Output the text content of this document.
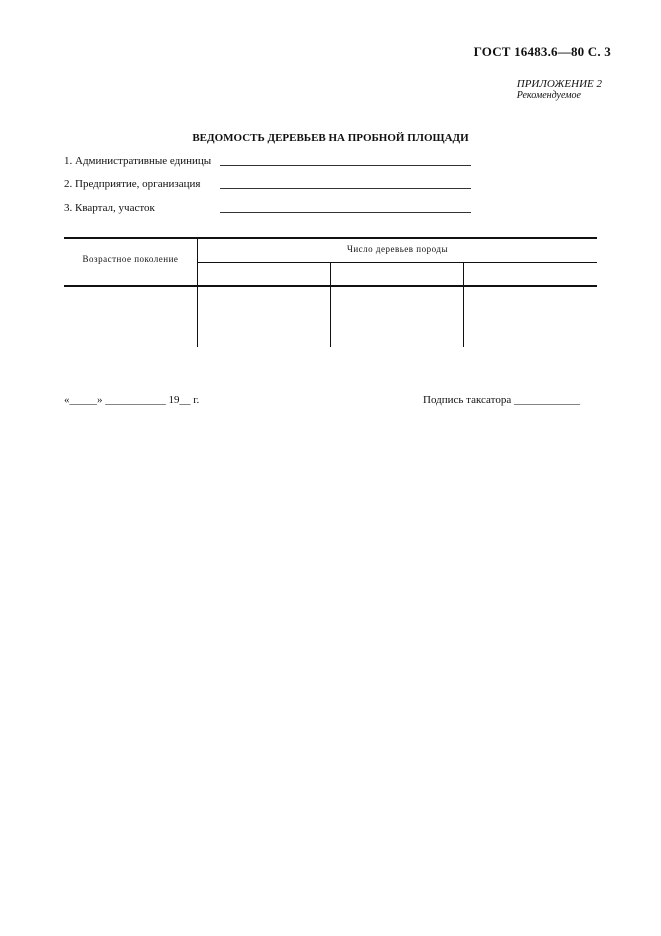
ГОСТ 16483.6—80 С. 3
ПРИЛОЖЕНИЕ 2
Рекомендуемое
ВЕДОМОСТЬ ДЕРЕВЬЕВ НА ПРОБНОЙ ПЛОЩАДИ
1. Административные единицы
2. Предприятие, организация
3. Квартал, участок
Возрастное поколение
Число деревьев породы
«_____» ___________ 19__ г.	Подпись таксатора ____________
